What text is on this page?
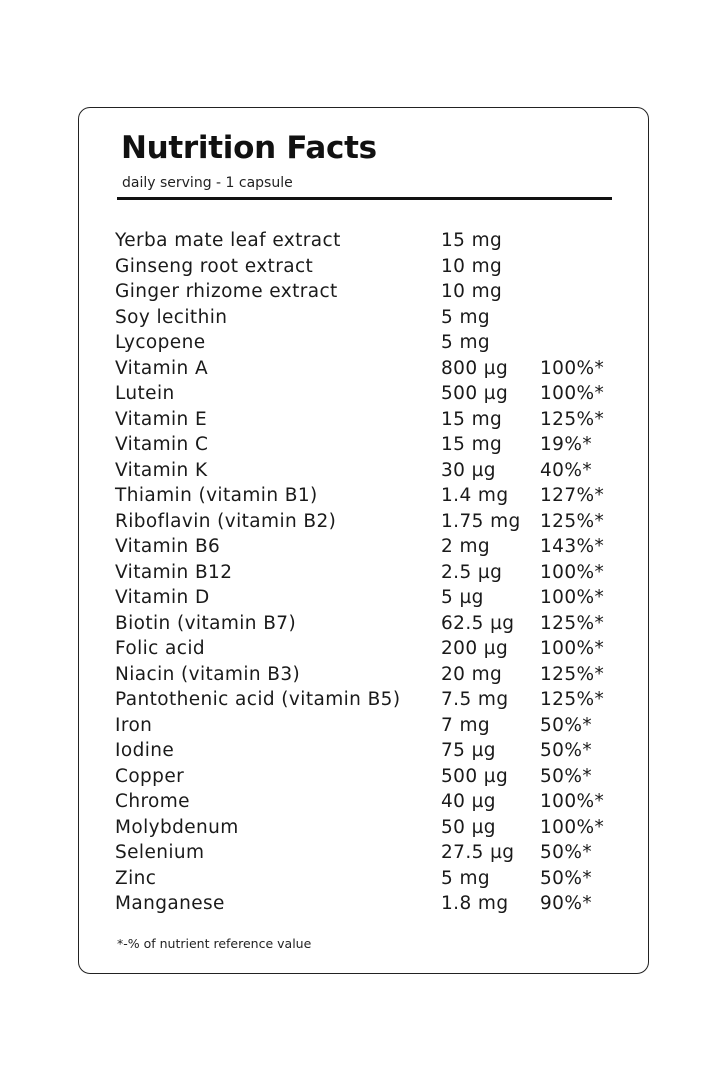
Nutrition Facts
daily serving - 1 capsule
Yerba mate leaf extract	15 mg
Ginseng root extract	10 mg
Ginger rhizome extract	10 mg
Soy lecithin	5 mg
Lycopene	5 mg
Vitamin A	800 µg 100%*
Lutein	500 µg 100%*
Vitamin E	15 mg 125%*
Vitamin C	15 mg 19%*
Vitamin K	30 µg 40%*
Thiamin (vitamin B1)	1.4 mg 127%*
Riboflavin (vitamin B2)	1.75 mg 125%*
Vitamin B6	2 mg	143%*
Vitamin B12	2.5 µg 100%*
Vitamin D	5 µg	100%*
Biotin (vitamin B7)	62.5 µg 125%*
Folic acid	200 µg 100%*
Niacin (vitamin B3)	20 mg 125%*
Pantothenic acid (vitamin B5) 7.5 mg 125%*
Iron	7 mg	50%*
Iodine	75 µg 50%*
Copper	500 µg 50%*
Chrome	40 µg 100%*
Molybdenum	50 µg 100%*
Selenium	27.5 µg 50%*
Zinc	5 mg	50%*
Manganese	1.8 mg 90%*
*-% of nutrient reference value
